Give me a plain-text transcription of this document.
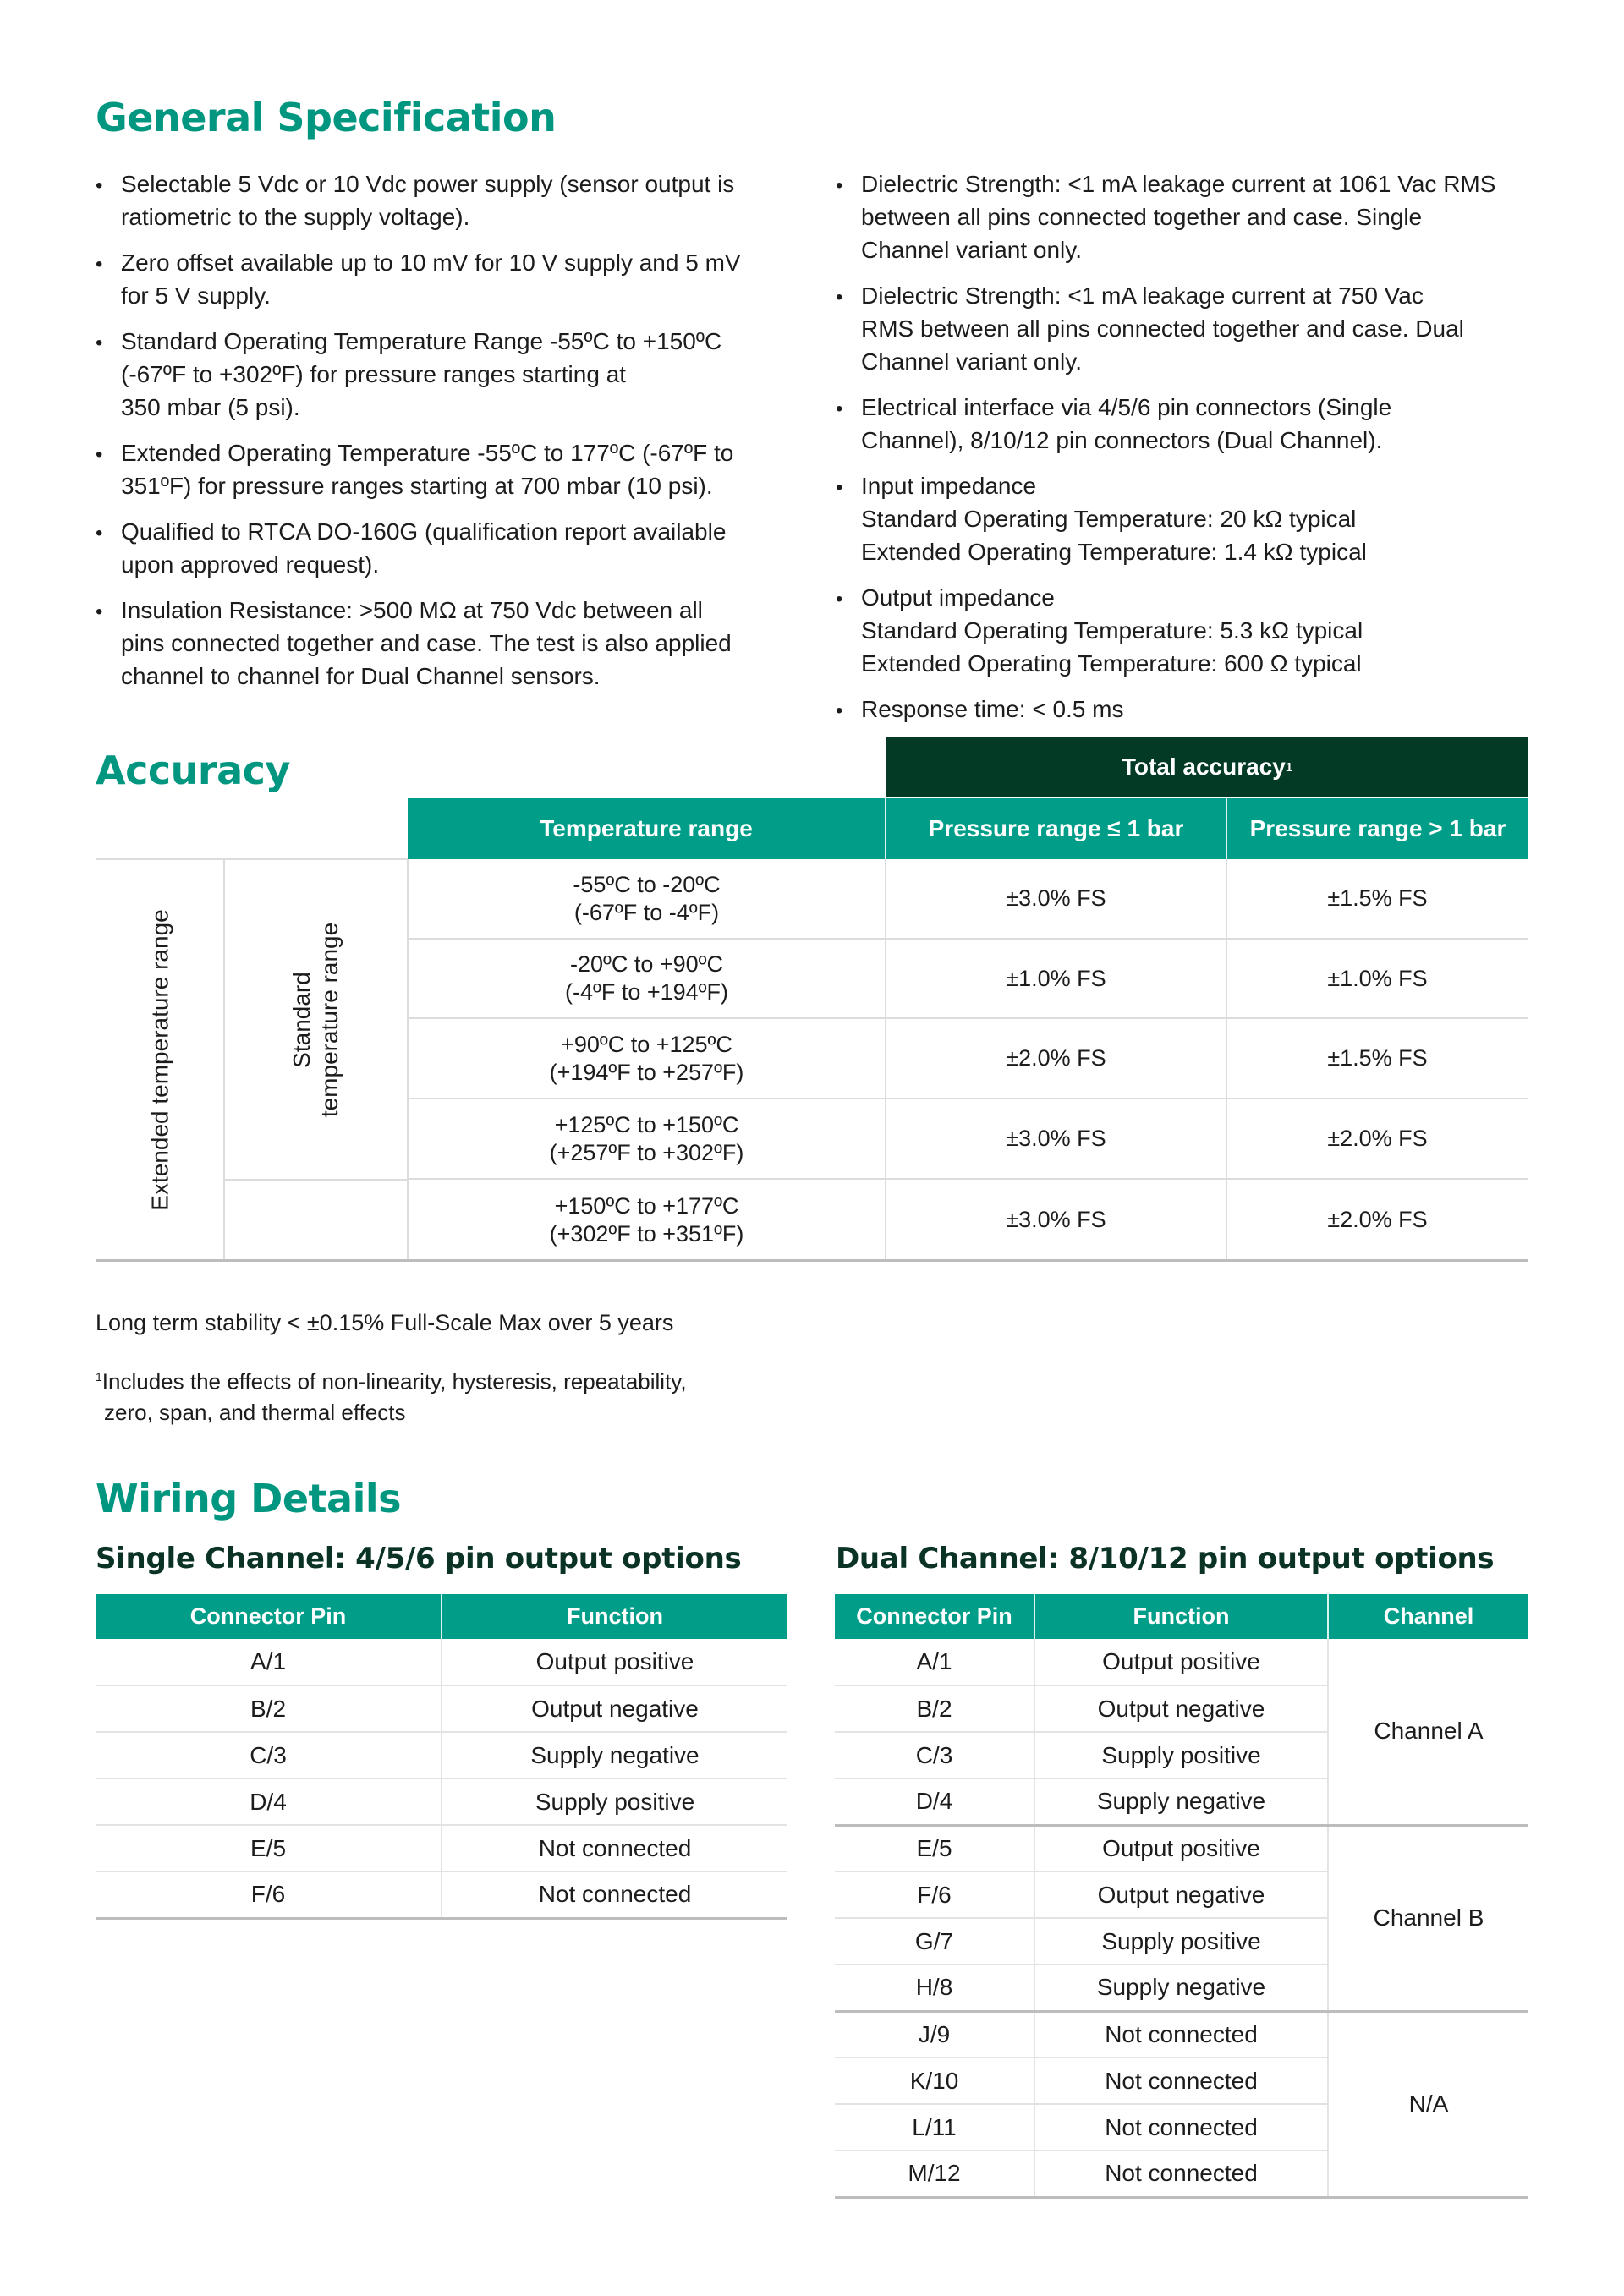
General Specification
•
Selectable 5 Vdc or 10 Vdc power supply (sensor output is
ratiometric to the supply voltage).
•
Zero offset available up to 10 mV for 10 V supply and 5 mV
for 5 V supply.
•
Standard Operating Temperature Range -55ºC to +150ºC
(-67ºF to +302ºF) for pressure ranges starting at
350 mbar (5 psi).
•
Extended Operating Temperature -55ºC to 177ºC (-67ºF to
351ºF) for pressure ranges starting at 700 mbar (10 psi).
•
Qualified to RTCA DO-160G (qualification report available
upon approved request).
•
Insulation Resistance: >500 MΩ at 750 Vdc between all
pins connected together and case. The test is also applied
channel to channel for Dual Channel sensors.
•
Dielectric Strength: <1 mA leakage current at 1061 Vac RMS
between all pins connected together and case. Single
Channel variant only.
•
Dielectric Strength: <1 mA leakage current at 750 Vac
RMS between all pins connected together and case. Dual
Channel variant only.
•
Electrical interface via 4/5/6 pin connectors (Single
Channel), 8/10/12 pin connectors (Dual Channel).
•
Input impedance
Standard Operating Temperature: 20 kΩ typical
Extended Operating Temperature: 1.4 kΩ typical
•
Output impedance
Standard Operating Temperature: 5.3 kΩ typical
Extended Operating Temperature: 600 Ω typical
•
Response time: < 0.5 ms
Accuracy	Total accuracy 1
Temperature range	Pressure range ≤ 1 bar	Pressure range > 1 bar
Extended temperature range	Standard temperature range
-55ºC to -20ºC
(-67ºF to -4ºF)
±3.0% FS	±1.5% FS
-20ºC to +90ºC
(-4ºF to +194ºF)
±1.0% FS	±1.0% FS
+90ºC to +125ºC
(+194ºF to +257ºF)
±2.0% FS	±1.5% FS
+125ºC to +150ºC
(+257ºF to +302ºF)
±3.0% FS	±2.0% FS
+150ºC to +177ºC
(+302ºF to +351ºF)
±3.0% FS	±2.0% FS
Long term stability < ±0.15% Full-Scale Max over 5 years
$^1$Includes the effects of non-linearity, hysteresis, repeatability,
zero, span, and thermal effects
Wiring Details
Single Channel: 4/5/6 pin output options	Dual Channel: 8/10/12 pin output options
Connector Pin	Function
A/1	Output positive
B/2	Output negative
C/3	Supply negative
D/4	Supply positive
E/5	Not connected
F/6	Not connected
Connector Pin	Function	Channel
A/1	Output positive	Channel A
B/2	Output negative	
C/3	Supply positive	
D/4	Supply negative	
E/5	Output positive	Channel B
F/6	Output negative	
G/7	Supply positive	
H/8	Supply negative	
J/9	Not connected	N/A
K/10	Not connected	
L/11	Not connected	
M/12	Not connected	
